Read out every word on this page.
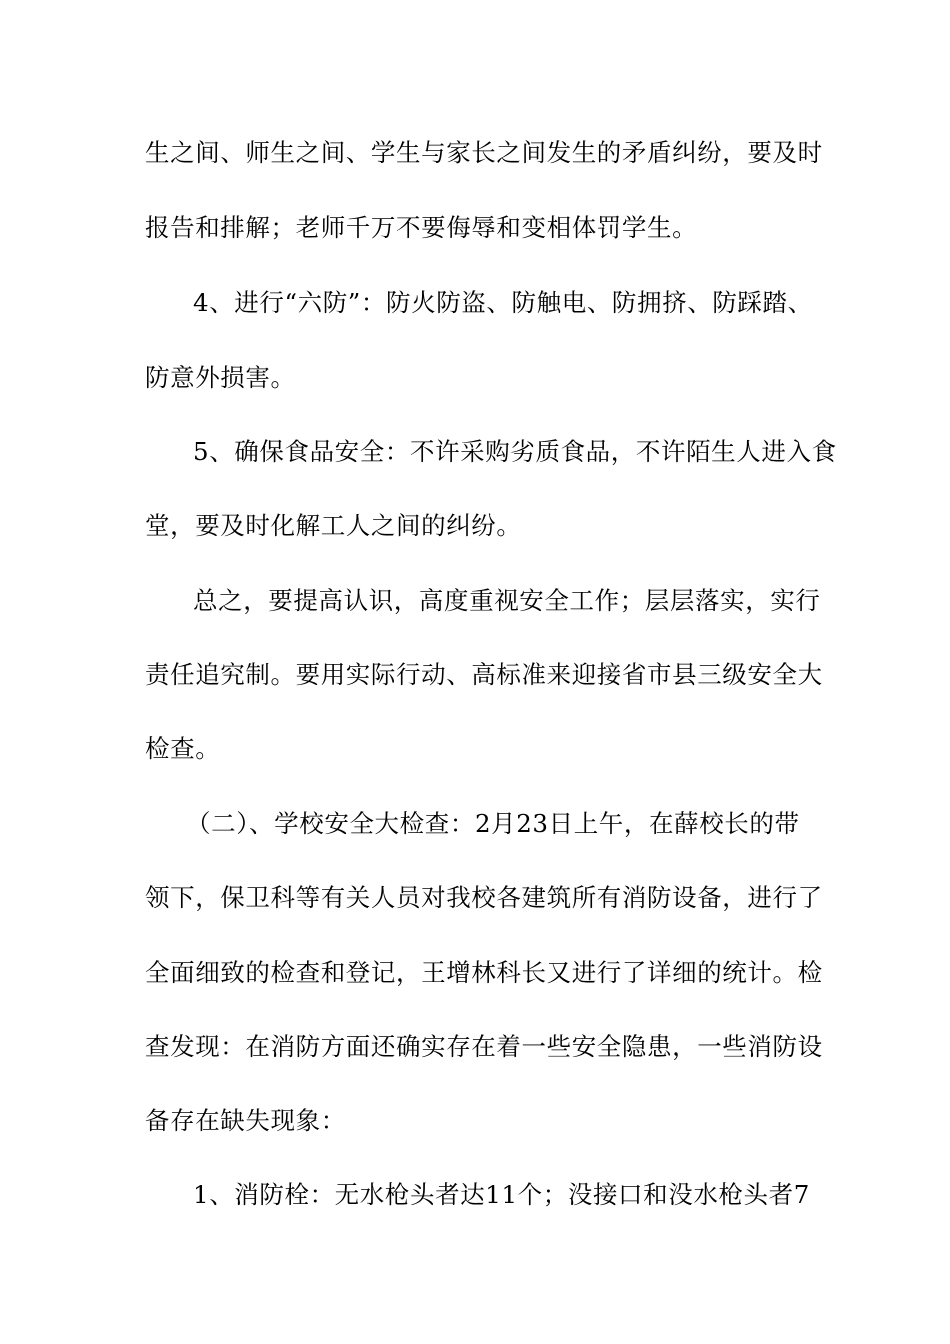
生之间、师生之间、学生与家长之间发生的矛盾纠纷，要及时
报告和排解；老师千万不要侮辱和变相体罚学生。
4、进行“六防”：防火防盗、防触电、防拥挤、防踩踏、
防意外损害。
5、确保食品安全：不许采购劣质食品，不许陌生人进入食
堂，要及时化解工人之间的纠纷。
总之，要提高认识，高度重视安全工作；层层落实，实行
责任追究制。要用实际行动、高标准来迎接省市县三级安全大
检查。
（二）、学校安全大检查：2月23日上午，在薛校长的带
领下，保卫科等有关人员对我校各建筑所有消防设备，进行了
全面细致的检查和登记，王增林科长又进行了详细的统计。检
查发现：在消防方面还确实存在着一些安全隐患，一些消防设
备存在缺失现象：
1、消防栓：无水枪头者达11个；没接口和没水枪头者7
